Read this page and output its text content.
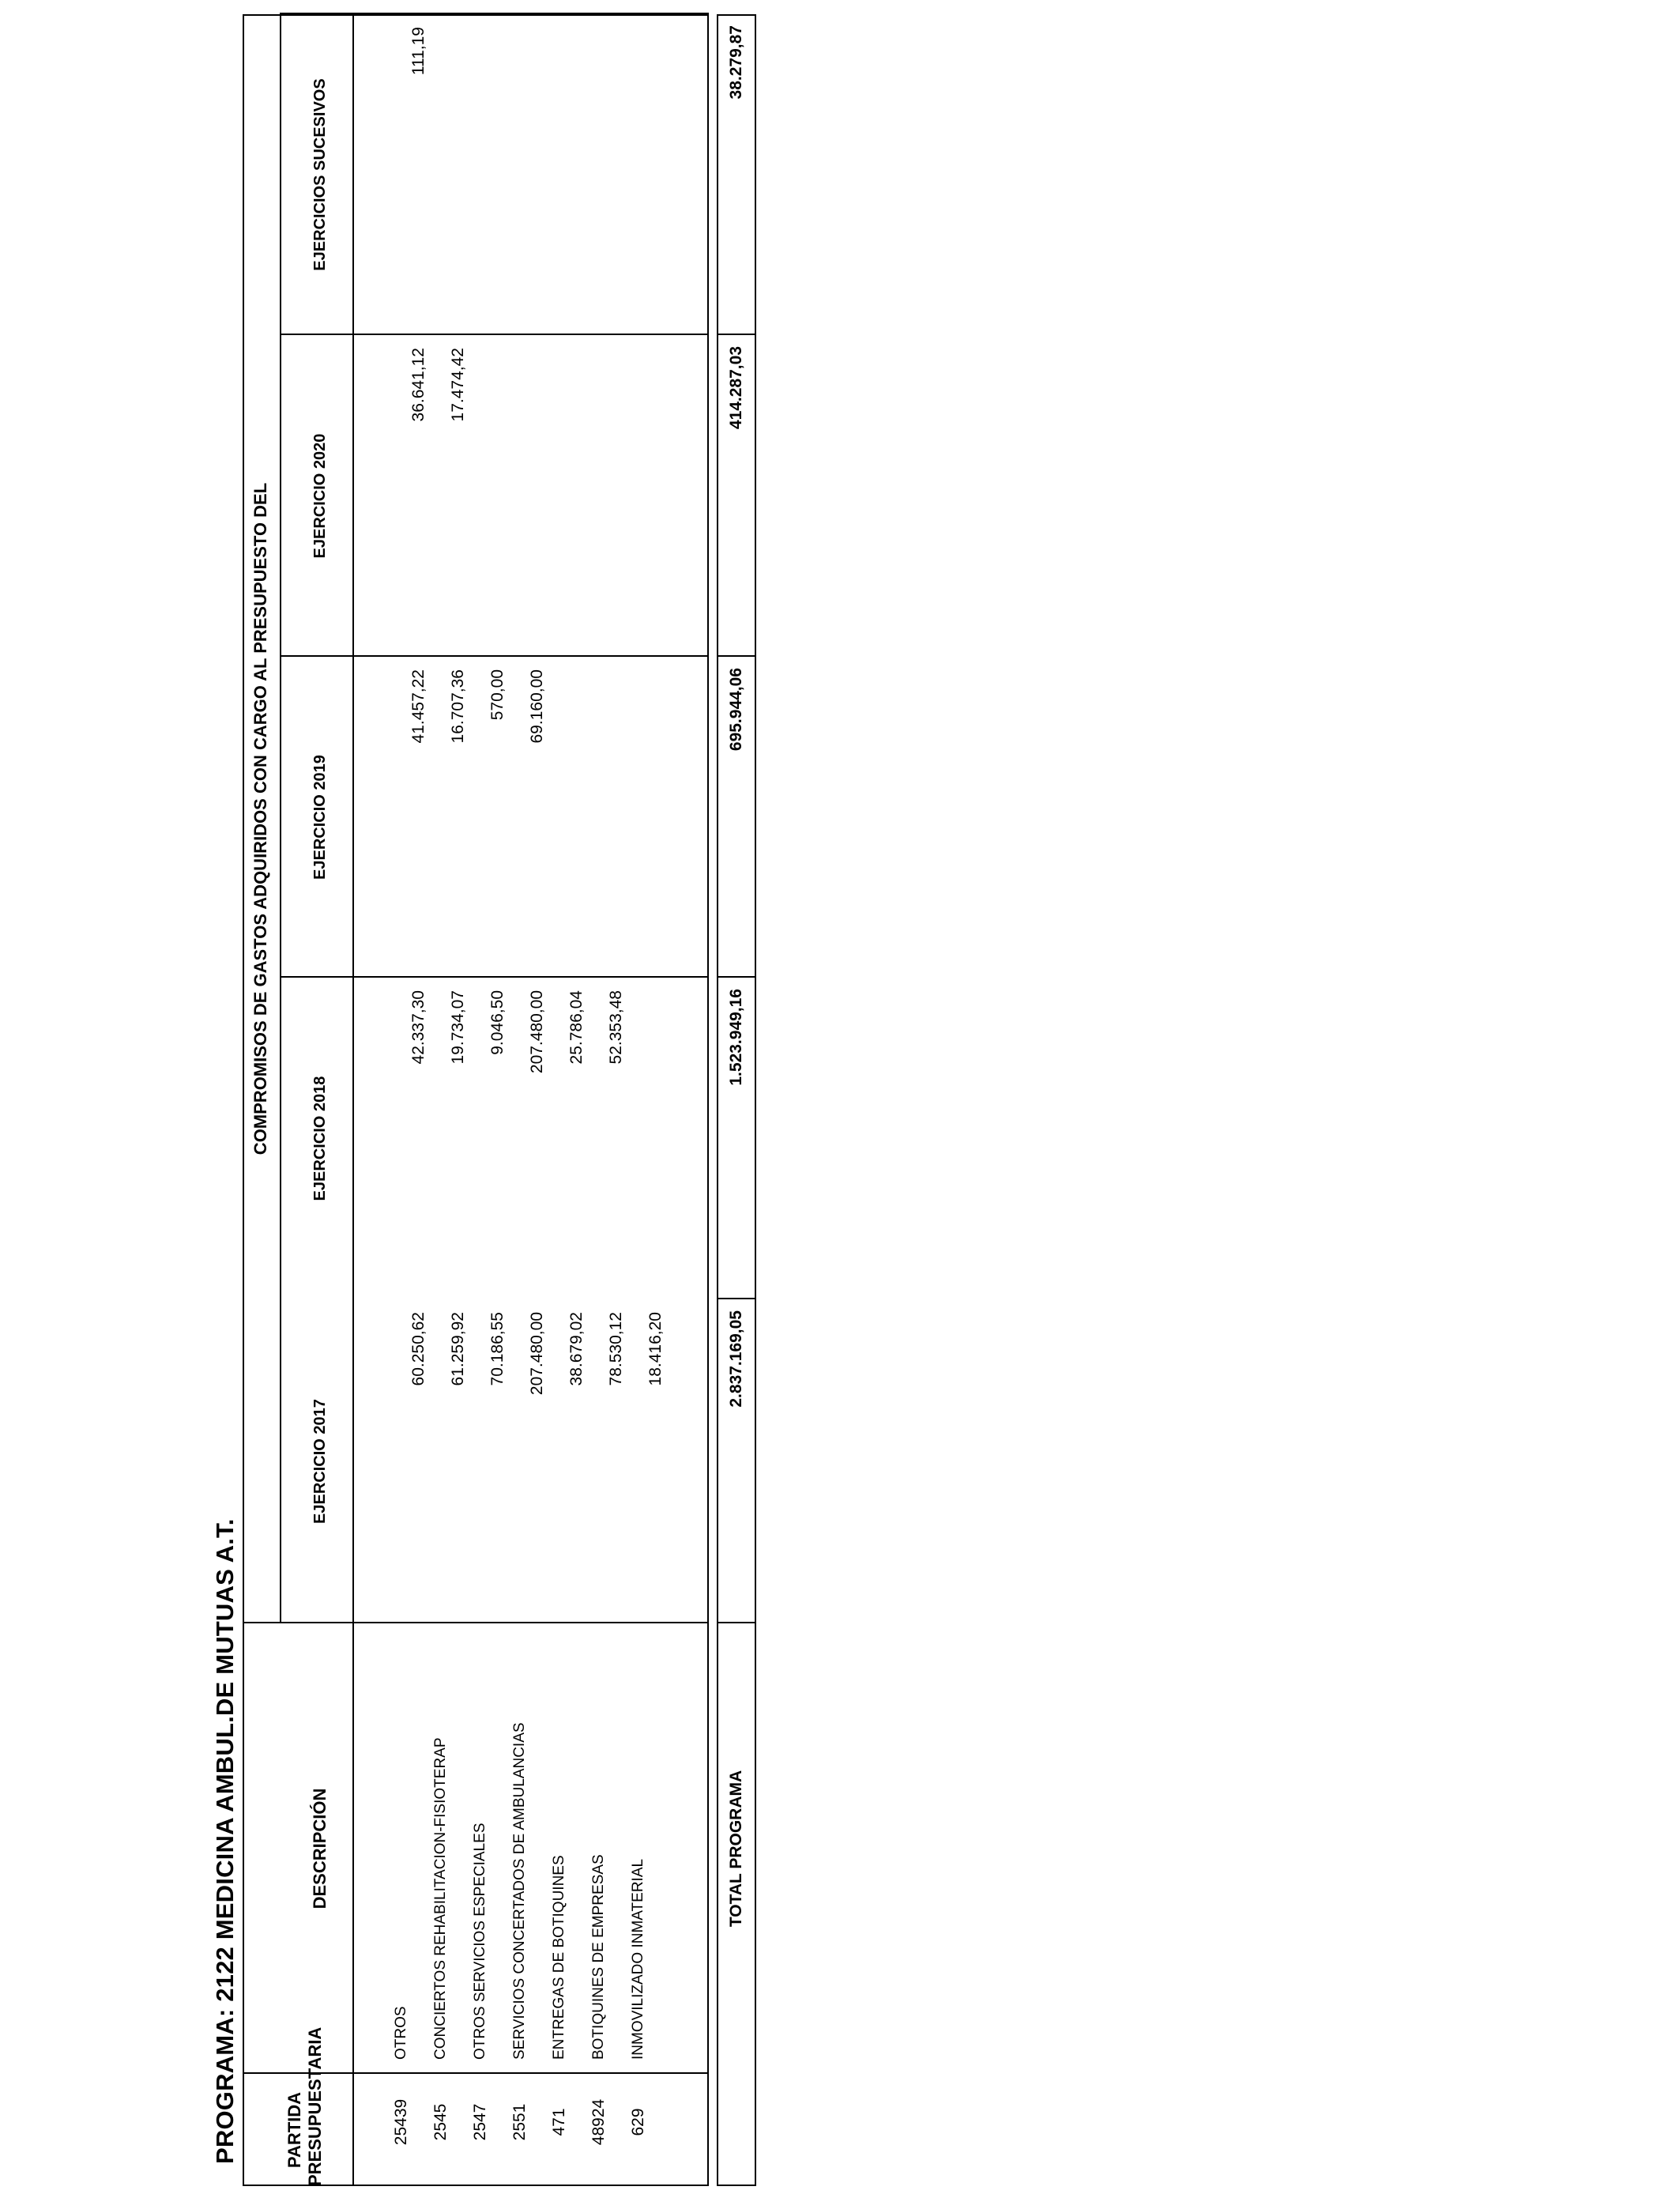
PROGRAMA: 2122 MEDICINA AMBUL.DE MUTUAS A.T.	PARTIDA PRESUPUESTARIA
DESCRIPCIÓN
COMPROMISOS DE GASTOS ADQUIRIDOS CON CARGO AL PRESUPUESTO DEL
EJERCICIO 2017
EJERCICIO 2018
EJERCICIO 2019
EJERCICIO 2020
EJERCICIOS SUCESIVOS
25439
OTROS
60.250,62
42.337,30
41.457,22
36.641,12
111,19
2545
CONCIERTOS REHABILITACION-FISIOTERAP
61.259,92
19.734,07
16.707,36
17.474,42
2547
OTROS SERVICIOS ESPECIALES
70.186,55
9.046,50
570,00
2551
SERVICIOS CONCERTADOS DE AMBULANCIAS
207.480,00
207.480,00
69.160,00
471
ENTREGAS DE BOTIQUINES
38.679,02
25.786,04
48924
BOTIQUINES DE EMPRESAS
78.530,12
52.353,48
629
INMOVILIZADO INMATERIAL
18.416,20
TOTAL PROGRAMA
2.837.169,05
1.523.949,16
695.944,06
414.287,03
38.279,87
